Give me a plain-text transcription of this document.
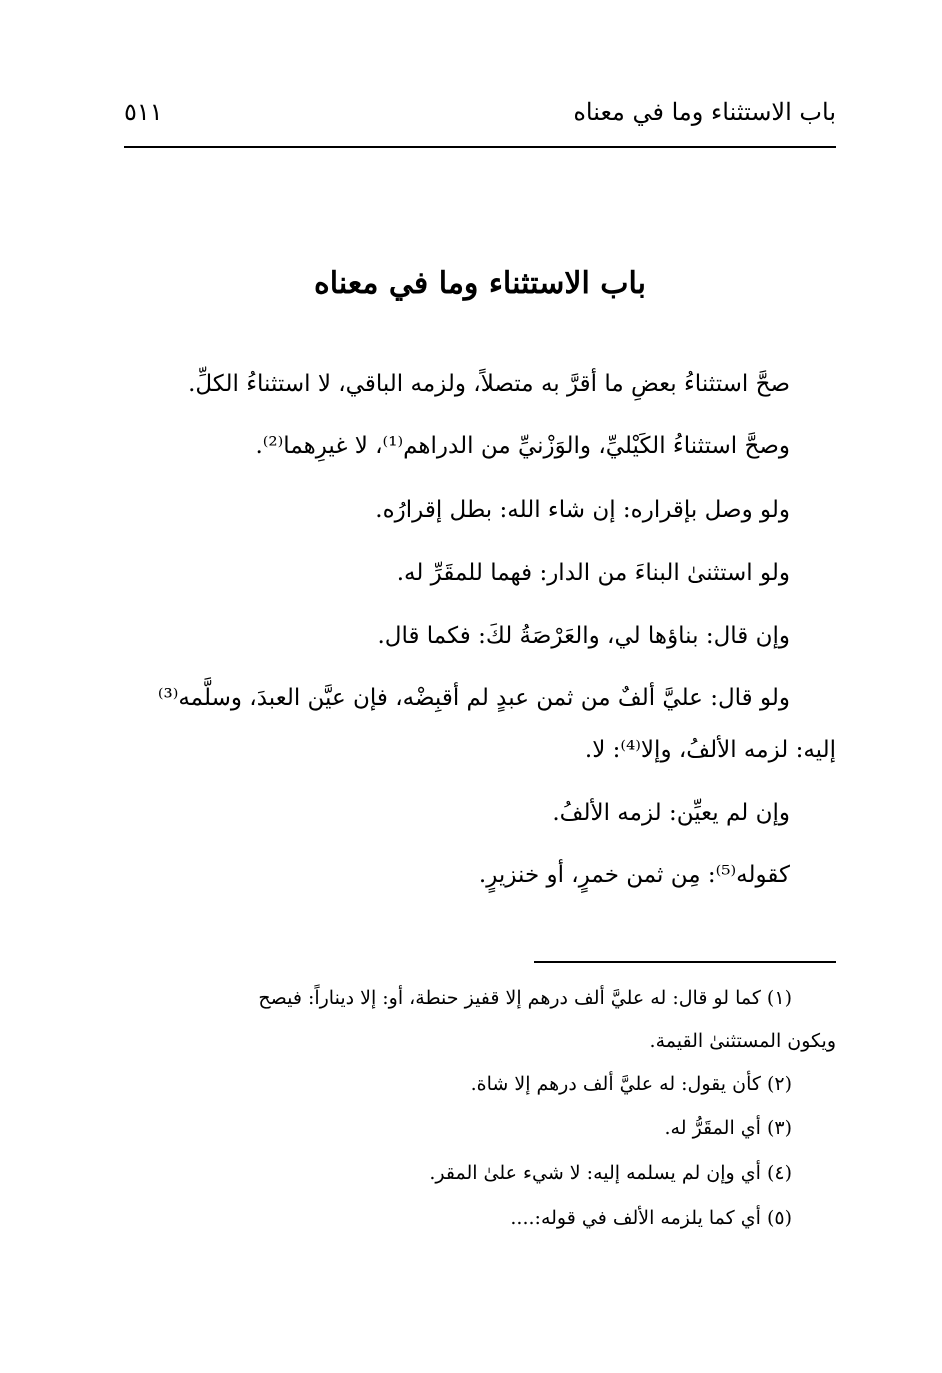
باب الاستثناء وما في معناه
٥١١
باب الاستثناء وما في معناه
صحَّ استثناءُ بعضِ ما أقرَّ به متصلاً، ولزمه الباقي، لا استثناءُ الكلِّ.
وصحَّ استثناءُ الكَيْليِّ، والوَزْنيِّ من الدراهم⁽¹⁾، لا غيرِهما⁽²⁾.
ولو وصل بإقراره: إن شاء الله: بطل إقرارُه.
ولو استثنىٰ البناءَ من الدار: فهما للمقَرِّ له.
وإن قال: بناؤها لي، والعَرْصَةُ لكَ: فكما قال.
ولو قال: عليَّ ألفٌ من ثمن عبدٍ لم أقبِضْه، فإن عيَّن العبدَ، وسلَّمه⁽³⁾
إليه: لزمه الألفُ، وإلا⁽⁴⁾: لا.
وإن لم يعيِّن: لزمه الألفُ.
كقوله⁽⁵⁾: مِن ثمن خمرٍ، أو خنزيرٍ.
(١) كما لو قال: له عليَّ ألف درهم إلا قفيز حنطة، أو: إلا ديناراً: فيصح
ويكون المستثنىٰ القيمة.
(٢) كأن يقول: له عليَّ ألف درهم إلا شاة.
(٣) أي المقَرُّ له.
(٤) أي وإن لم يسلمه إليه: لا شيء علىٰ المقر.
(٥) أي كما يلزمه الألف في قوله:....
